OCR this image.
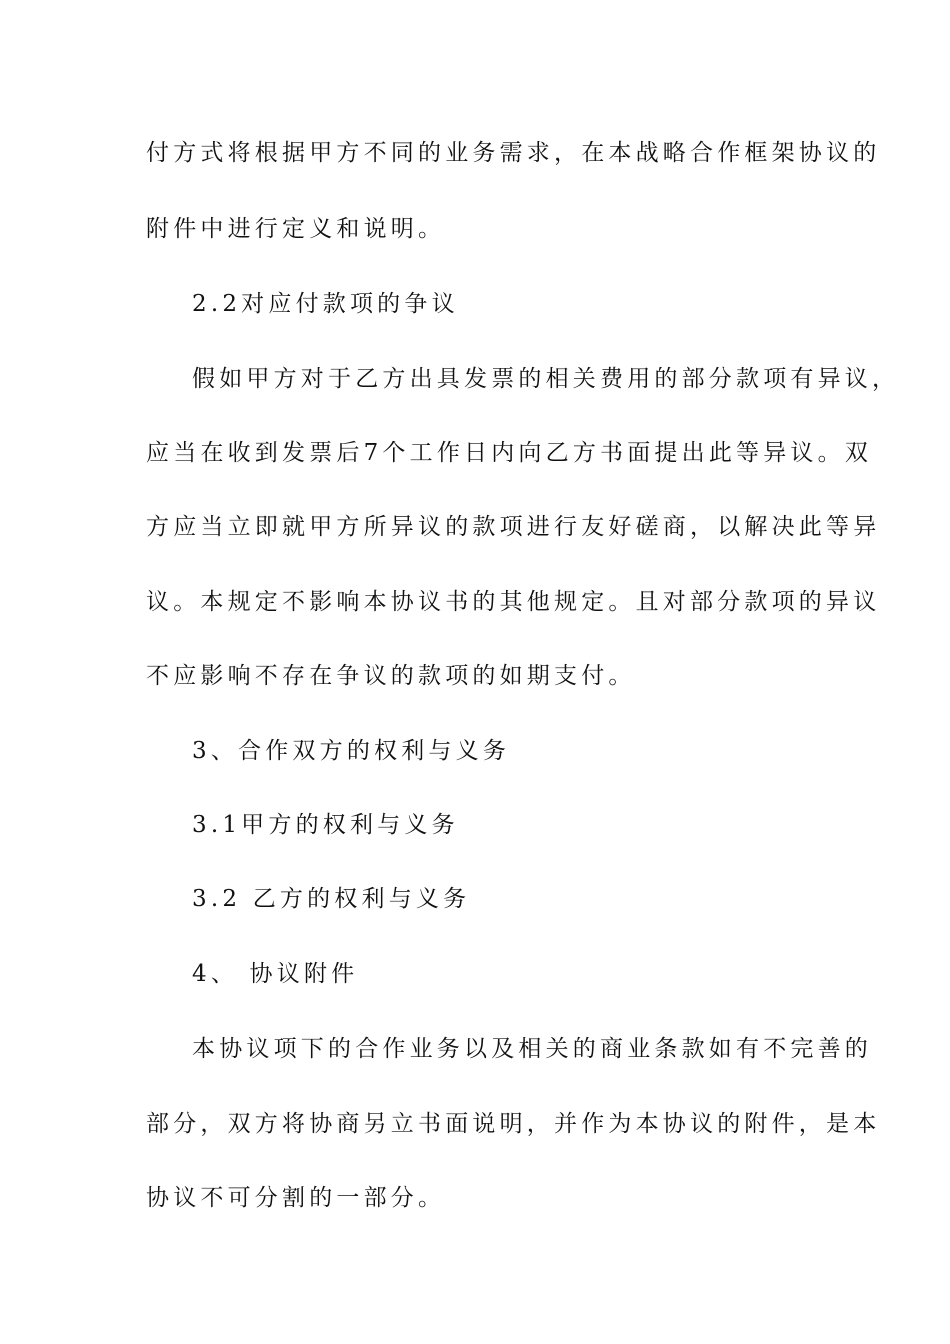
付方式将根据甲方不同的业务需求，在本战略合作框架协议的
附件中进行定义和说明。
2.2对应付款项的争议
假如甲方对于乙方出具发票的相关费用的部分款项有异议，
应当在收到发票后7个工作日内向乙方书面提出此等异议。双
方应当立即就甲方所异议的款项进行友好磋商，以解决此等异
议。本规定不影响本协议书的其他规定。且对部分款项的异议
不应影响不存在争议的款项的如期支付。
3、合作双方的权利与义务
3.1甲方的权利与义务
3.2 乙方的权利与义务
4、 协议附件
本协议项下的合作业务以及相关的商业条款如有不完善的
部分，双方将协商另立书面说明，并作为本协议的附件，是本
协议不可分割的一部分。
